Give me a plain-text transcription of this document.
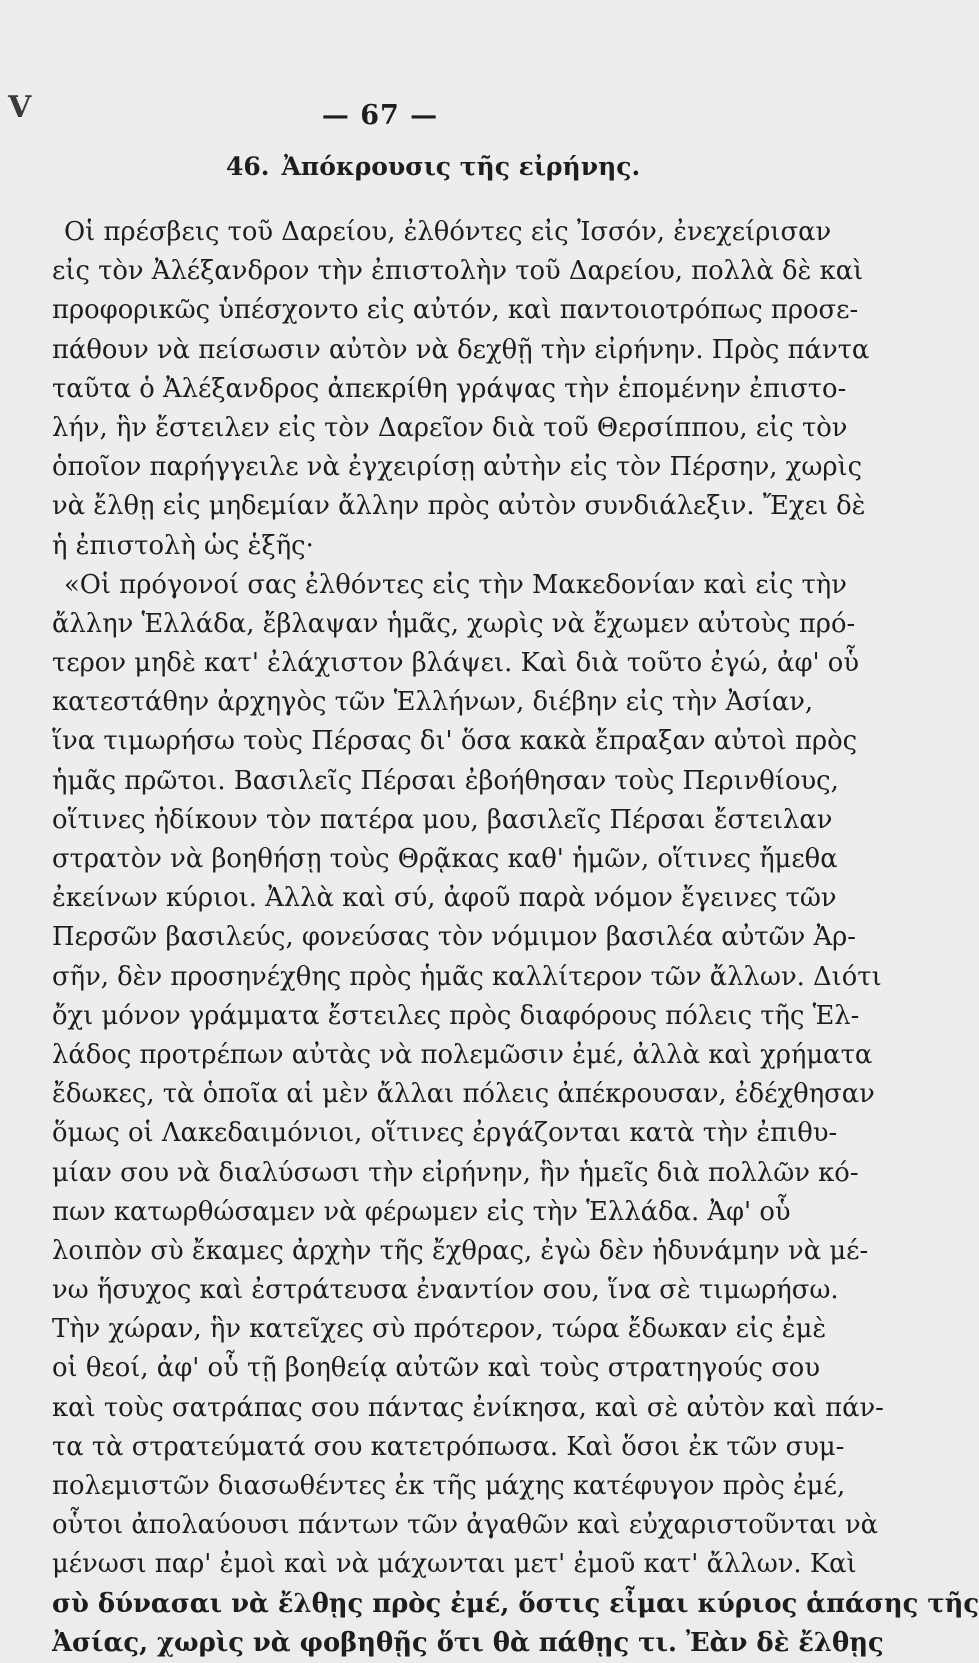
V	— 67 —
46. Ἀπόκρουσις τῆς εἰρήνης.
Οἱ πρέσβεις τοῦ Δαρείου, ἐλθόντες εἰς Ἰσσόν, ἐνεχείρισαν
εἰς τὸν Ἀλέξανδρον τὴν ἐπιστολὴν τοῦ Δαρείου, πολλὰ δὲ καὶ
προφορικῶς ὑπέσχοντο εἰς αὐτόν, καὶ παντοιοτρόπως προσε-
πάθουν νὰ πείσωσιν αὐτὸν νὰ δεχθῇ τὴν εἰρήνην. Πρὸς πάντα
ταῦτα ὁ Ἀλέξανδρος ἀπεκρίθη γράψας τὴν ἑπομένην ἐπιστο-
λήν, ἣν ἔστειλεν εἰς τὸν Δαρεῖον διὰ τοῦ Θερσίππου, εἰς τὸν
ὁποῖον παρήγγειλε νὰ ἐγχειρίσῃ αὐτὴν εἰς τὸν Πέρσην, χωρὶς
νὰ ἔλθῃ εἰς μηδεμίαν ἄλλην πρὸς αὐτὸν συνδιάλεξιν. Ἔχει δὲ
ἡ ἐπιστολὴ ὡς ἑξῆς·
«Οἱ πρόγονοί σας ἐλθόντες εἰς τὴν Μακεδονίαν καὶ εἰς τὴν
ἄλλην Ἑλλάδα, ἔβλαψαν ἡμᾶς, χωρὶς νὰ ἔχωμεν αὐτοὺς πρό-
τερον μηδὲ κατ' ἐλάχιστον βλάψει. Καὶ διὰ τοῦτο ἐγώ, ἀφ' οὗ
κατεστάθην ἀρχηγὸς τῶν Ἑλλήνων, διέβην εἰς τὴν Ἀσίαν,
ἵνα τιμωρήσω τοὺς Πέρσας δι' ὅσα κακὰ ἔπραξαν αὐτοὶ πρὸς
ἡμᾶς πρῶτοι. Βασιλεῖς Πέρσαι ἐβοήθησαν τοὺς Περινθίους,
οἵτινες ἠδίκουν τὸν πατέρα μου, βασιλεῖς Πέρσαι ἔστειλαν
στρατὸν νὰ βοηθήσῃ τοὺς Θρᾷκας καθ' ἡμῶν, οἵτινες ἤμεθα
ἐκείνων κύριοι. Ἀλλὰ καὶ σύ, ἀφοῦ παρὰ νόμον ἔγεινες τῶν
Περσῶν βασιλεύς, φονεύσας τὸν νόμιμον βασιλέα αὐτῶν Ἀρ-
σῆν, δὲν προσηνέχθης πρὸς ἡμᾶς καλλίτερον τῶν ἄλλων. Διότι
ὄχι μόνον γράμματα ἔστειλες πρὸς διαφόρους πόλεις τῆς Ἑλ-
λάδος προτρέπων αὐτὰς νὰ πολεμῶσιν ἐμέ, ἀλλὰ καὶ χρήματα
ἔδωκες, τὰ ὁποῖα αἱ μὲν ἄλλαι πόλεις ἀπέκρουσαν, ἐδέχθησαν
ὅμως οἱ Λακεδαιμόνιοι, οἵτινες ἐργάζονται κατὰ τὴν ἐπιθυ-
μίαν σου νὰ διαλύσωσι τὴν εἰρήνην, ἣν ἡμεῖς διὰ πολλῶν κό-
πων κατωρθώσαμεν νὰ φέρωμεν εἰς τὴν Ἑλλάδα. Ἀφ' οὗ
λοιπὸν σὺ ἔκαμες ἀρχὴν τῆς ἔχθρας, ἐγὼ δὲν ἠδυνάμην νὰ μέ-
νω ἥσυχος καὶ ἐστράτευσα ἐναντίον σου, ἵνα σὲ τιμωρήσω.
Τὴν χώραν, ἣν κατεῖχες σὺ πρότερον, τώρα ἔδωκαν εἰς ἐμὲ
οἱ θεοί, ἀφ' οὗ τῇ βοηθείᾳ αὐτῶν καὶ τοὺς στρατηγούς σου
καὶ τοὺς σατράπας σου πάντας ἐνίκησα, καὶ σὲ αὐτὸν καὶ πάν-
τα τὰ στρατεύματά σου κατετρόπωσα. Καὶ ὅσοι ἐκ τῶν συμ-
πολεμιστῶν διασωθέντες ἐκ τῆς μάχης κατέφυγον πρὸς ἐμέ,
οὗτοι ἀπολαύουσι πάντων τῶν ἀγαθῶν καὶ εὐχαριστοῦνται νὰ
μένωσι παρ' ἐμοὶ καὶ νὰ μάχωνται μετ' ἐμοῦ κατ' ἄλλων. Καὶ
σὺ δύνασαι νὰ ἔλθῃς πρὸς ἐμέ, ὅστις εἶμαι κύριος ἁπάσης τῆς
Ἀσίας, χωρὶς νὰ φοβηθῇς ὅτι θὰ πάθῃς τι. Ἐὰν δὲ ἔλθῃς
